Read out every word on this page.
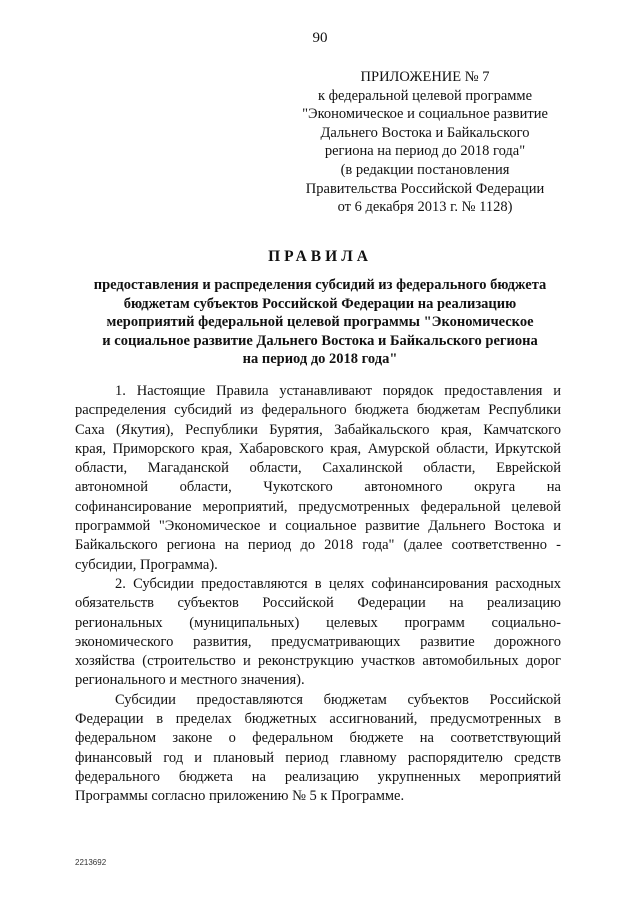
90
ПРИЛОЖЕНИЕ № 7
к федеральной целевой программе
"Экономическое и социальное развитие
Дальнего Востока и Байкальского
региона на период до 2018 года"
(в редакции постановления
Правительства Российской Федерации
от 6 декабря 2013 г. № 1128)
ПРАВИЛА
предоставления и распределения субсидий из федерального бюджета
бюджетам субъектов Российской Федерации на реализацию
мероприятий федеральной целевой программы "Экономическое
и социальное развитие Дальнего Востока и Байкальского региона
на период до 2018 года"

1. Настоящие Правила устанавливают порядок предоставления и
распределения субсидий из федерального бюджета бюджетам Республики
Саха (Якутия), Республики Бурятия, Забайкальского края, Камчатского
края, Приморского края, Хабаровского края, Амурской области, Иркутской
области, Магаданской области, Сахалинской области, Еврейской
автономной области, Чукотского автономного округа на
софинансирование мероприятий, предусмотренных федеральной целевой
программой "Экономическое и социальное развитие Дальнего Востока и
Байкальского региона на период до 2018 года" (далее соответственно -
субсидии, Программа).

2. Субсидии предоставляются в целях софинансирования расходных
обязательств субъектов Российской Федерации на реализацию
региональных (муниципальных) целевых программ социально-
экономического развития, предусматривающих развитие дорожного
хозяйства (строительство и реконструкцию участков автомобильных дорог
регионального и местного значения).

Субсидии предоставляются бюджетам субъектов Российской
Федерации в пределах бюджетных ассигнований, предусмотренных в
федеральном законе о федеральном бюджете на соответствующий
финансовый год и плановый период главному распорядителю средств
федерального бюджета на реализацию укрупненных мероприятий
Программы согласно приложению № 5 к Программе.

2213692
